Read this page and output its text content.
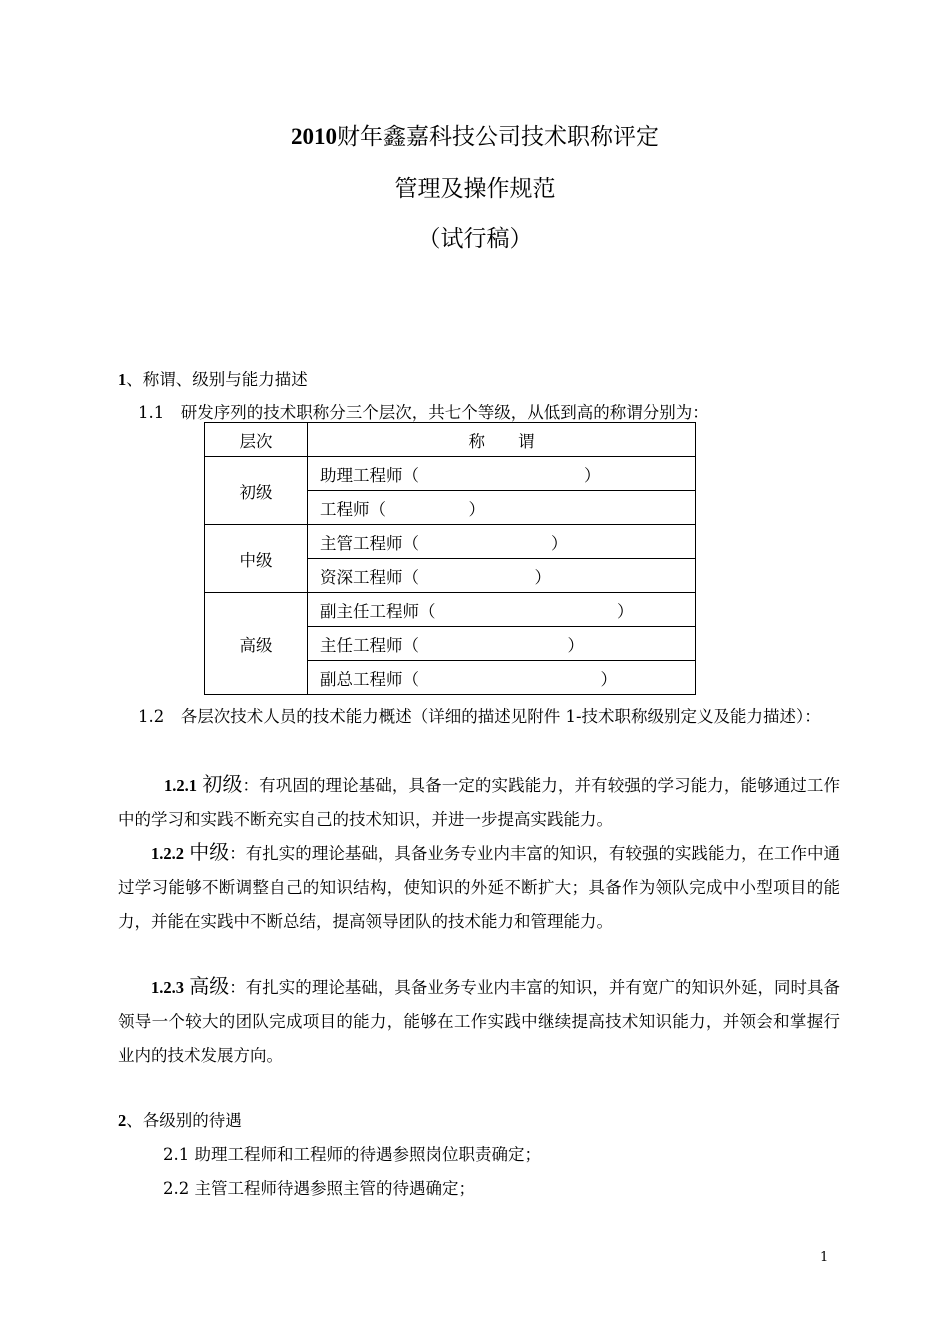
2010财年鑫嘉科技公司技术职称评定
管理及操作规范
（试行稿）
1、称谓、级别与能力描述
1.1　研发序列的技术职称分三个层次，共七个等级，从低到高的称谓分别为：
层次	称　　谓
初级	助理工程师（　　　　　　　　　　）
	工程师（　　　　　）
中级	主管工程师（　　　　　　　　）
	资深工程师（　　　　　　　）
高级	副主任工程师（　　　　　　　　　　　）
	主任工程师（　　　　　　　　　）
	副总工程师（　　　　　　　　　　　）
1.2　各层次技术人员的技术能力概述（详细的描述见附件 1-技术职称级别定义及能力描述）：
1.2.1 初级：有巩固的理论基础，具备一定的实践能力，并有较强的学习能力，能够通过工作中的学习和实践不断充实自己的技术知识，并进一步提高实践能力。
1.2.2 中级：有扎实的理论基础，具备业务专业内丰富的知识，有较强的实践能力，在工作中通过学习能够不断调整自己的知识结构，使知识的外延不断扩大；具备作为领队完成中小型项目的能力，并能在实践中不断总结，提高领导团队的技术能力和管理能力。
1.2.3 高级：有扎实的理论基础，具备业务专业内丰富的知识，并有宽广的知识外延，同时具备领导一个较大的团队完成项目的能力，能够在工作实践中继续提高技术知识能力，并领会和掌握行业内的技术发展方向。
2、各级别的待遇
2.1 助理工程师和工程师的待遇参照岗位职责确定；
2.2 主管工程师待遇参照主管的待遇确定；
1
